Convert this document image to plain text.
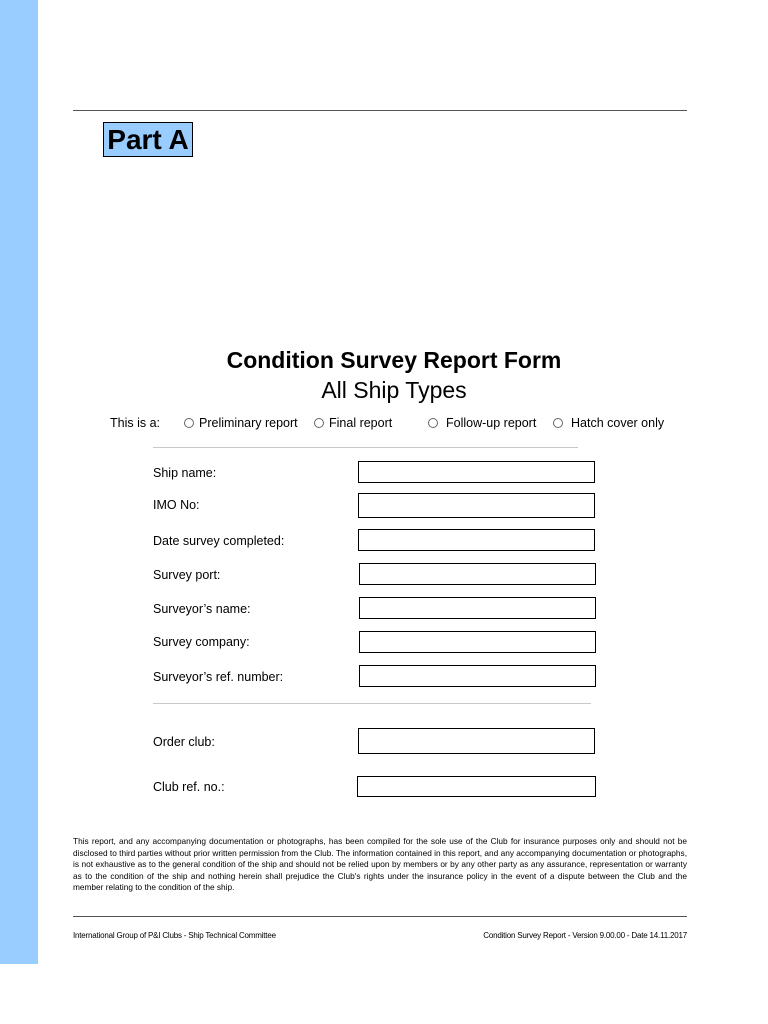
Part A
Condition Survey Report Form
All Ship Types
This is a:	Preliminary report	Final report	Follow-up report	Hatch cover only
Ship name:
IMO No:
Date survey completed:
Survey port:
Surveyor’s name:
Survey company:
Surveyor’s ref. number:
Order club:
Club ref. no.:
This report, and any accompanying documentation or photographs, has been compiled for the sole use of the Club for insurance purposes only and should not be disclosed to third parties without prior written permission from the Club. The information contained in this report, and any accompanying documentation or photographs, is not exhaustive as to the general condition of the ship and should not be relied upon by members or by any other party as any assurance, representation or warranty as to the condition of the ship and nothing herein shall prejudice the Club's rights under the insurance policy in the event of a dispute between the Club and the member relating to the condition of the ship.
International Group of P&I Clubs - Ship Technical Committee	Condition Survey Report - Version 9.00.00 - Date 14.11.2017
